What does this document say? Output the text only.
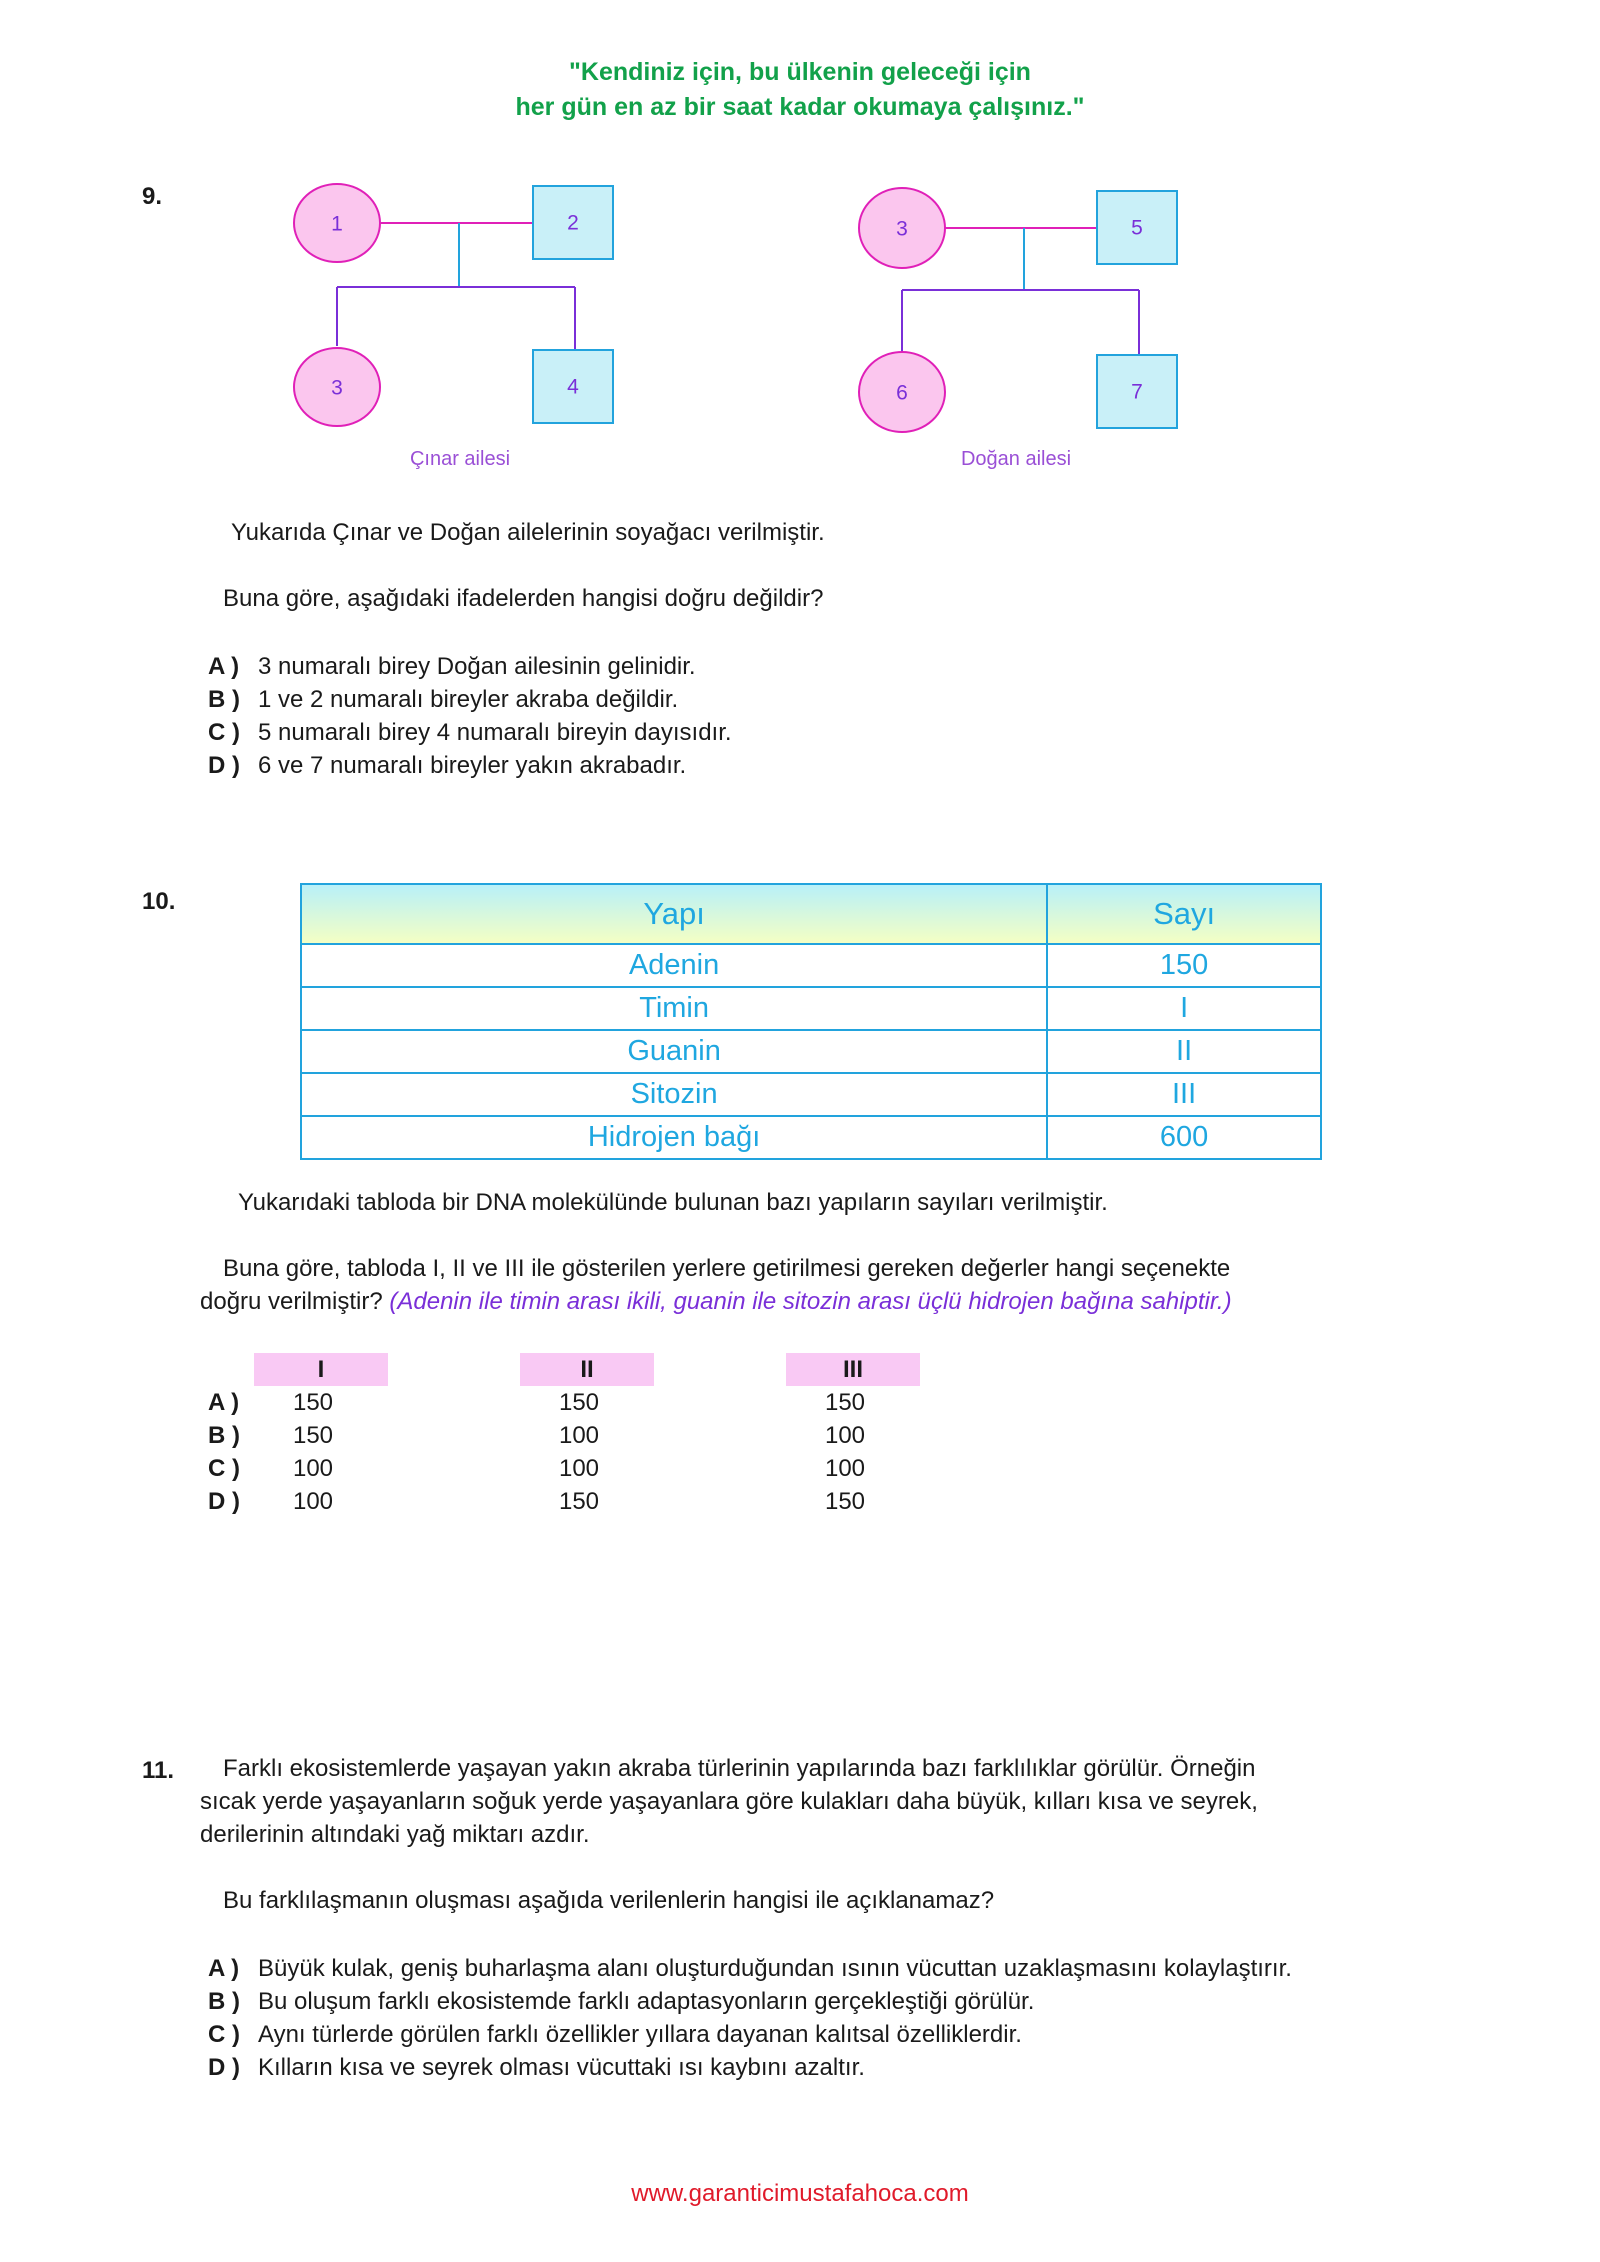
"Kendiniz için, bu ülkenin geleceği için
her gün en az bir saat kadar okumaya çalışınız."
9.
1	2
3	4
3	5
6	7
Çınar ailesi	Doğan ailesi
Yukarıda Çınar ve Doğan ailelerinin soyağacı verilmiştir.
Buna göre, aşağıdaki ifadelerden hangisi doğru değildir?
A ) 3 numaralı birey Doğan ailesinin gelinidir.
B ) 1 ve 2 numaralı bireyler akraba değildir.
C ) 5 numaralı birey 4 numaralı bireyin dayısıdır.
D ) 6 ve 7 numaralı bireyler yakın akrabadır.
10.	Yapı	Sayı
Adenin	150
Timin	I
Guanin	II
Sitozin	III
Hidrojen bağı	600
Yukarıdaki tabloda bir DNA molekülünde bulunan bazı yapıların sayıları verilmiştir.
Buna göre, tabloda I, II ve III ile gösterilen yerlere getirilmesi gereken değerler hangi seçenekte
doğru verilmiştir? (Adenin ile timin arası ikili, guanin ile sitozin arası üçlü hidrojen bağına sahiptir.)
I	II	III
A )	150	150	150
B )	150	100	100
C )	100	100	100
D )	100	150	150
11. Farklı ekosistemlerde yaşayan yakın akraba türlerinin yapılarında bazı farklılıklar görülür. Örneğin
sıcak yerde yaşayanların soğuk yerde yaşayanlara göre kulakları daha büyük, kılları kısa ve seyrek,
derilerinin altındaki yağ miktarı azdır.
Bu farklılaşmanın oluşması aşağıda verilenlerin hangisi ile açıklanamaz?
A ) Büyük kulak, geniş buharlaşma alanı oluşturduğundan ısının vücuttan uzaklaşmasını kolaylaştırır.
B ) Bu oluşum farklı ekosistemde farklı adaptasyonların gerçekleştiği görülür.
C ) Aynı türlerde görülen farklı özellikler yıllara dayanan kalıtsal özelliklerdir.
D ) Kılların kısa ve seyrek olması vücuttaki ısı kaybını azaltır.
www.garanticimustafahoca.com
